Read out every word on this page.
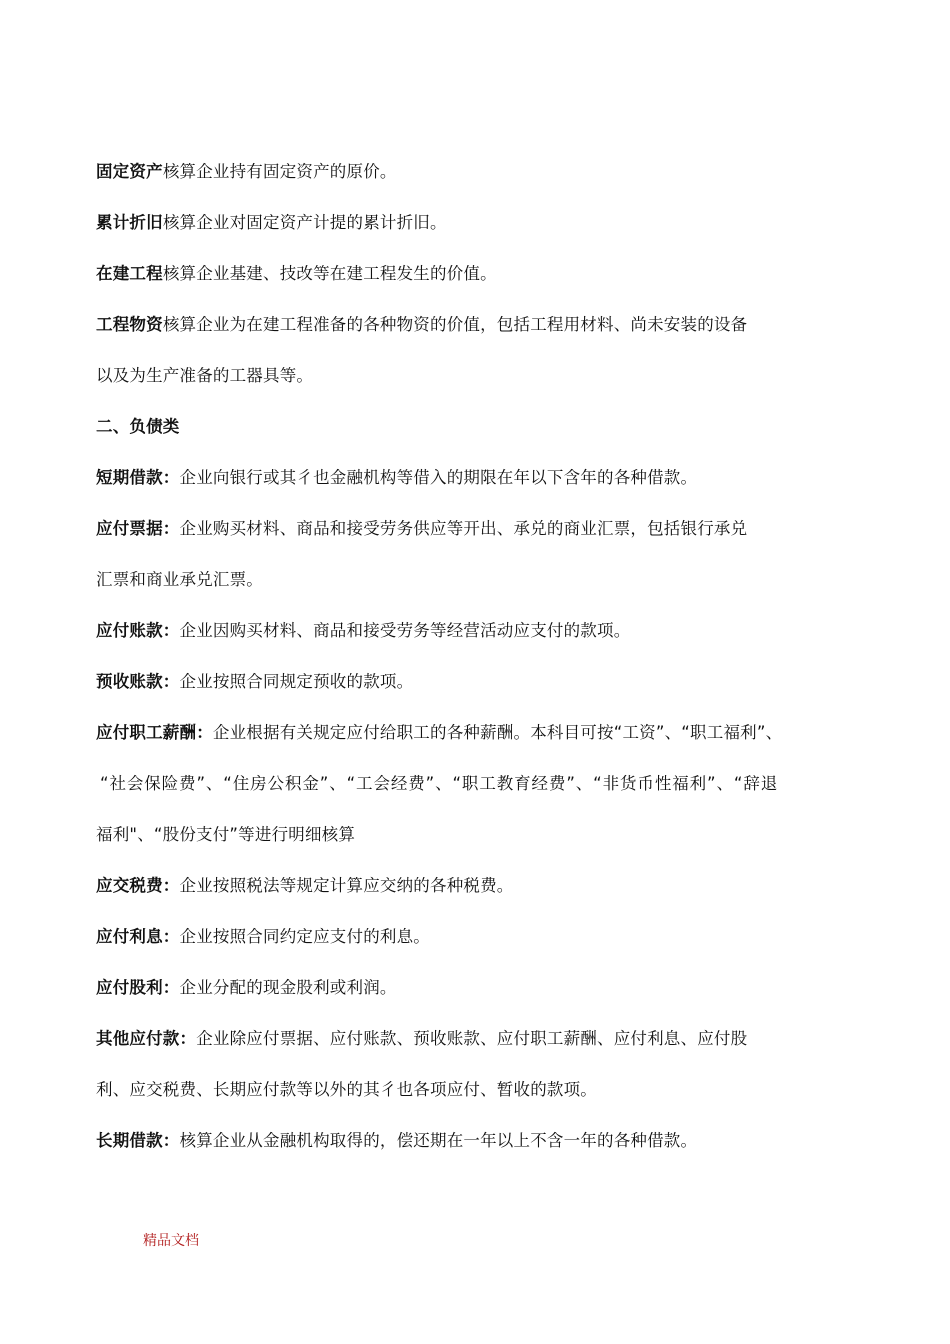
固定资产核算企业持有固定资产的原价。

累计折旧核算企业对固定资产计提的累计折旧。

在建工程核算企业基建、技改等在建工程发生的价值。

工程物资核算企业为在建工程准备的各种物资的价值，包括工程用材料、尚未安装的设备

以及为生产准备的工器具等。

二、负债类

短期借款：企业向银行或其彳也金融机构等借入的期限在年以下含年的各种借款。

应付票据：企业购买材料、商品和接受劳务供应等开出、承兑的商业汇票，包括银行承兑

汇票和商业承兑汇票。

应付账款：企业因购买材料、商品和接受劳务等经营活动应支付的款项。

预收账款：企业按照合同规定预收的款项。

应付职工薪酬：企业根据有关规定应付给职工的各种薪酬。本科目可按“工资”、“职工福利”、

“社会保险费”、“住房公积金”、“工会经费”、“职工教育经费”、“非货币性福利”、“辞退

福利"、“股份支付”等进行明细核算

应交税费：企业按照税法等规定计算应交纳的各种税费。

应付利息：企业按照合同约定应支付的利息。

应付股利：企业分配的现金股利或利润。

其他应付款：企业除应付票据、应付账款、预收账款、应付职工薪酬、应付利息、应付股

利、应交税费、长期应付款等以外的其彳也各项应付、暂收的款项。

长期借款：核算企业从金融机构取得的，偿还期在一年以上不含一年的各种借款。

精品文档
